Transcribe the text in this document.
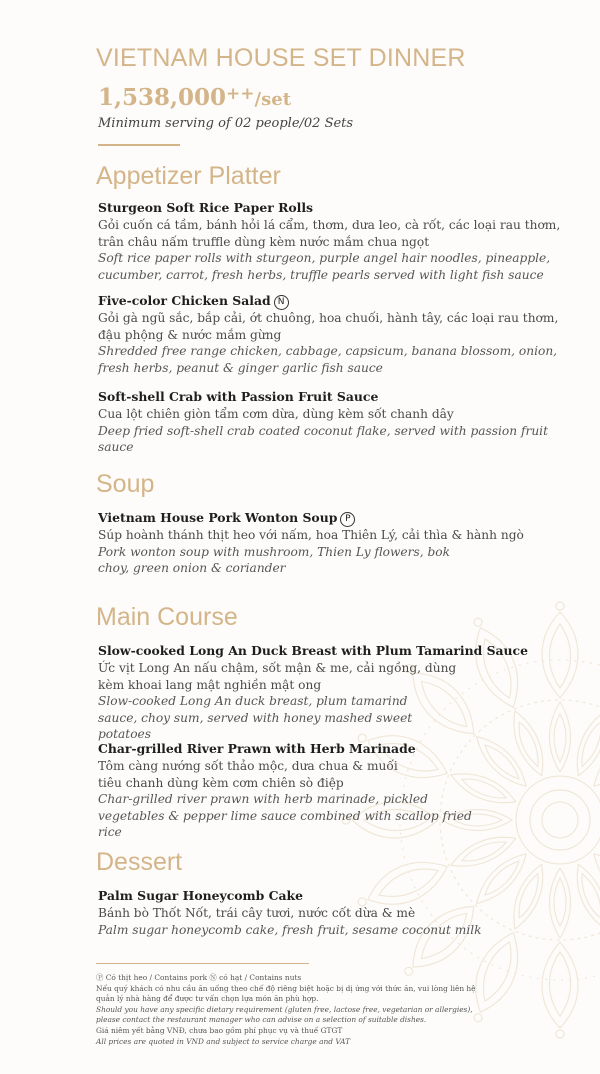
VIETNAM HOUSE SET DINNER
1,538,000++/set
Minimum serving of 02 people/02 Sets
Appetizer Platter
Sturgeon Soft Rice Paper Rolls
Gỏi cuốn cá tầm, bánh hỏi lá cẩm, thơm, dưa leo, cà rốt, các loại rau thơm, trân châu nấm truffle dùng kèm nước mắm chua ngọt
Soft rice paper rolls with sturgeon, purple angel hair noodles, pineapple, cucumber, carrot, fresh herbs, truffle pearls served with light fish sauce
Five-color Chicken Salad N
Gỏi gà ngũ sắc, bắp cải, ớt chuông, hoa chuối, hành tây, các loại rau thơm, đậu phộng & nước mắm gừng
Shredded free range chicken, cabbage, capsicum, banana blossom, onion, fresh herbs, peanut & ginger garlic fish sauce
Soft-shell Crab with Passion Fruit Sauce
Cua lột chiên giòn tẩm cơm dừa, dùng kèm sốt chanh dây
Deep fried soft-shell crab coated coconut flake, served with passion fruit sauce
Soup
Vietnam House Pork Wonton Soup P
Súp hoành thánh thịt heo với nấm, hoa Thiên Lý, cải thìa & hành ngò
Pork wonton soup with mushroom, Thien Ly flowers, bok choy, green onion & coriander
Main Course
Slow-cooked Long An Duck Breast with Plum Tamarind Sauce
Ức vịt Long An nấu chậm, sốt mận & me, cải ngồng, dùng kèm khoai lang mật nghiền mật ong
Slow-cooked Long An duck breast, plum tamarind sauce, choy sum, served with honey mashed sweet potatoes
Char-grilled River Prawn with Herb Marinade
Tôm càng nướng sốt thảo mộc, dưa chua & muối tiêu chanh dùng kèm cơm chiên sò điệp
Char-grilled river prawn with herb marinade, pickled vegetables & pepper lime sauce combined with scallop fried rice
Dessert
Palm Sugar Honeycomb Cake
Bánh bò Thốt Nốt, trái cây tươi, nước cốt dừa & mè
Palm sugar honeycomb cake, fresh fruit, sesame coconut milk

Ⓟ Có thịt heo / Contains pork Ⓝ có hạt / Contains nuts

Nếu quý khách có nhu cầu ăn uống theo chế độ riêng biệt hoặc bị dị ứng với thức ăn, vui lòng liên hệ quản lý nhà hàng để được tư vấn chọn lựa món ăn phù hợp.

Should you have any specific dietary requirement (gluten free, lactose free, vegetarian or allergies), please contact the restaurant manager who can advise on a selection of suitable dishes.

Giá niêm yết bằng VNĐ, chưa bao gồm phí phục vụ và thuế GTGT

All prices are quoted in VND and subject to service charge and VAT
